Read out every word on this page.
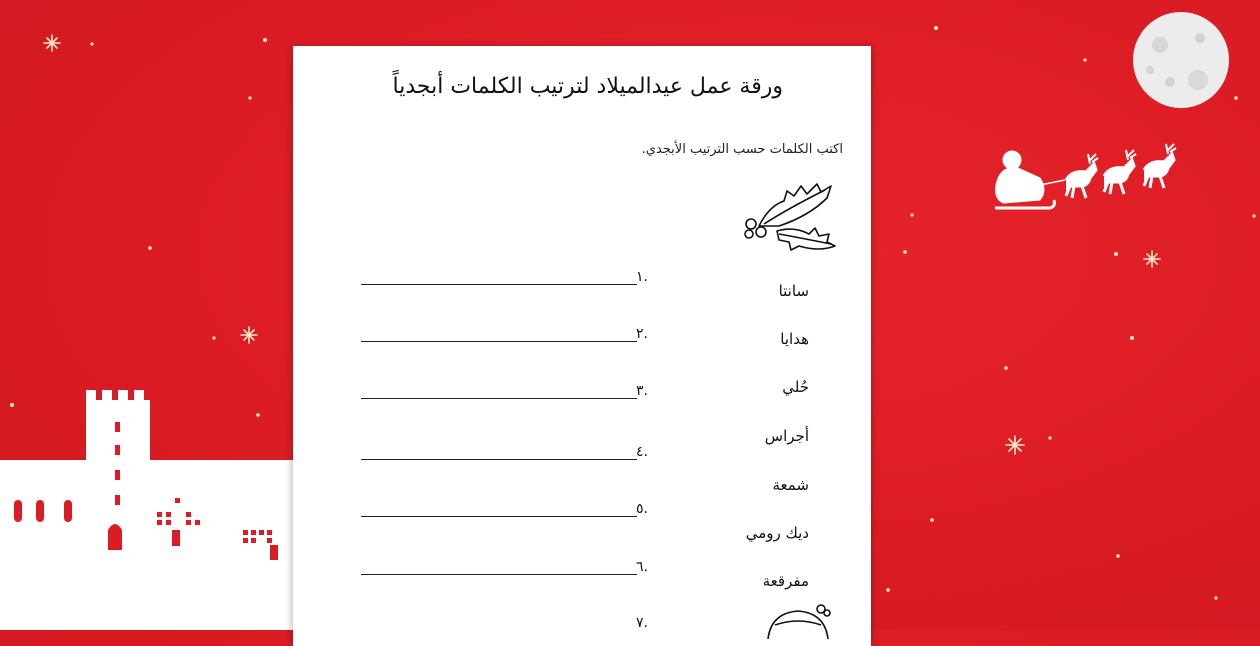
ورقة عمل عيدالميلاد لترتيب الكلمات أبجدياً
اكتب الكلمات حسب الترتيب الأبجدي.
سانتا
هدايا
حُلي
أجراس
شمعة
ديك رومي
مفرقعة
١.
٢.
٣.
٤.
٥.
٦.
٧.
